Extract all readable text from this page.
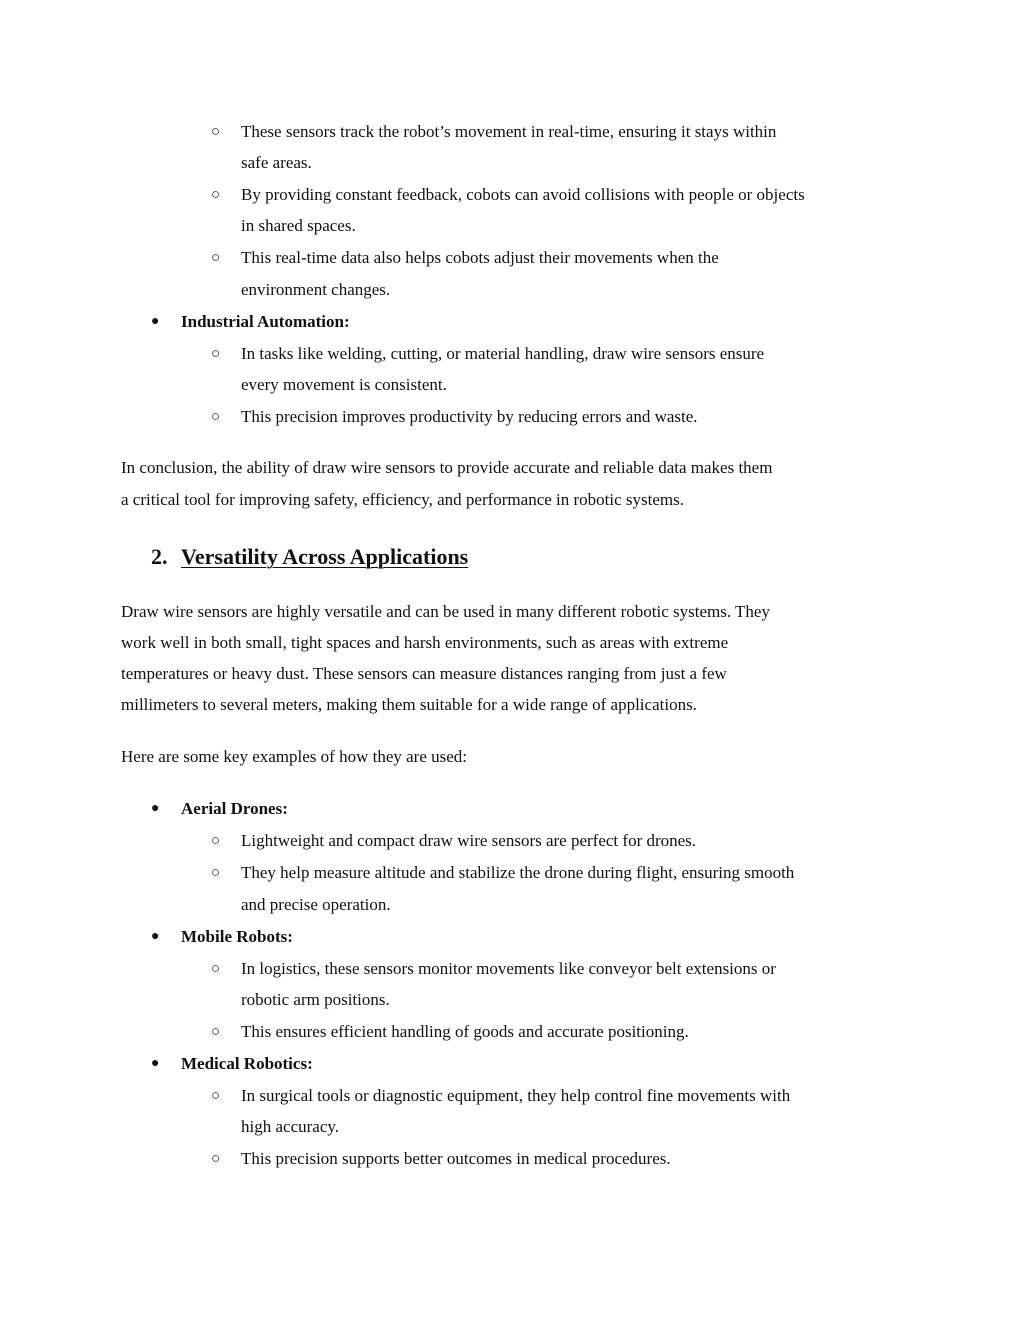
○ These sensors track the robot’s movement in real-time, ensuring it stays within
safe areas.
○ By providing constant feedback, cobots can avoid collisions with people or objects
in shared spaces.
○ This real-time data also helps cobots adjust their movements when the
environment changes.
● Industrial Automation:
○ In tasks like welding, cutting, or material handling, draw wire sensors ensure
every movement is consistent.
○ This precision improves productivity by reducing errors and waste.
In conclusion, the ability of draw wire sensors to provide accurate and reliable data makes them
a critical tool for improving safety, efficiency, and performance in robotic systems.
2. Versatility Across Applications
Draw wire sensors are highly versatile and can be used in many different robotic systems. They
work well in both small, tight spaces and harsh environments, such as areas with extreme
temperatures or heavy dust. These sensors can measure distances ranging from just a few
millimeters to several meters, making them suitable for a wide range of applications.
Here are some key examples of how they are used:
● Aerial Drones:
○ Lightweight and compact draw wire sensors are perfect for drones.
○ They help measure altitude and stabilize the drone during flight, ensuring smooth
and precise operation.
● Mobile Robots:
○ In logistics, these sensors monitor movements like conveyor belt extensions or
robotic arm positions.
○ This ensures efficient handling of goods and accurate positioning.
● Medical Robotics:
○ In surgical tools or diagnostic equipment, they help control fine movements with
high accuracy.
○ This precision supports better outcomes in medical procedures.
